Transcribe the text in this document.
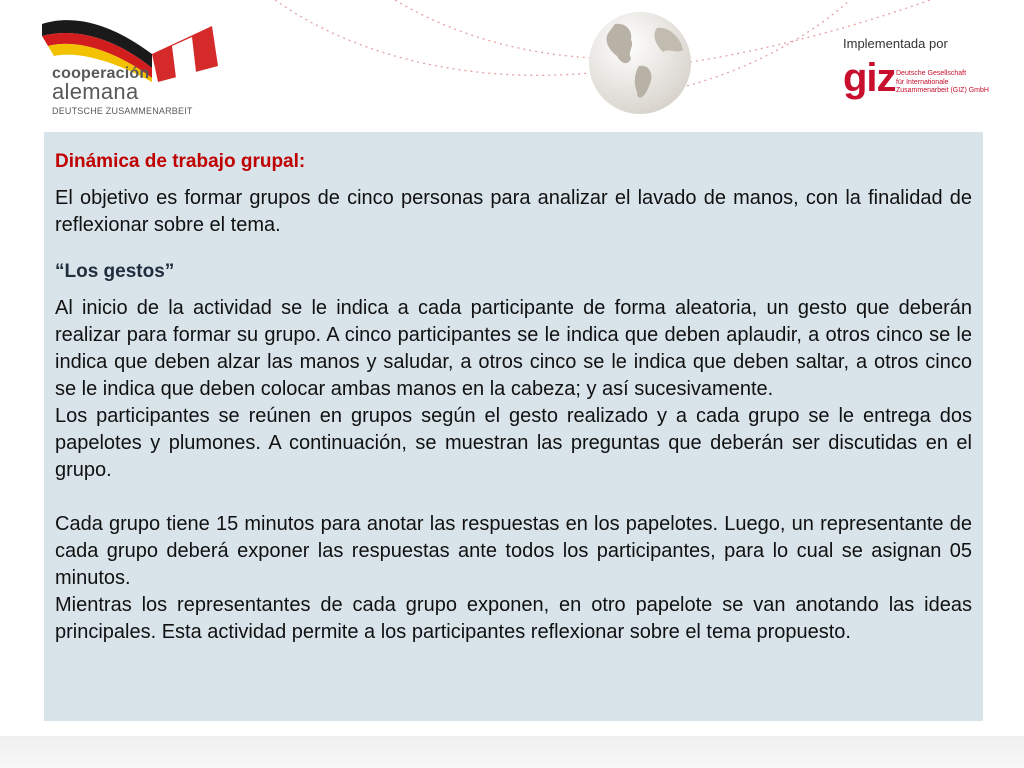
cooperación
alemana
DEUTSCHE ZUSAMMENARBEIT
Implementada por
giz Deutsche Gesellschaft
für Internationale
Zusammenarbeit (GIZ) GmbH

Dinámica de trabajo grupal:

El objetivo es formar grupos de cinco personas para analizar el lavado de manos, con la finalidad de reflexionar sobre el tema.

“Los gestos”

Al inicio de la actividad se le indica a cada participante de forma aleatoria, un gesto que deberán realizar para formar su grupo. A cinco participantes se le indica que deben aplaudir, a otros cinco se le indica que deben alzar las manos y saludar, a otros cinco se le indica que deben saltar, a otros cinco se le indica que deben colocar ambas manos en la cabeza; y así sucesivamente.

Los participantes se reúnen en grupos según el gesto realizado y a cada grupo se le entrega dos papelotes y plumones. A continuación, se muestran las preguntas que deberán ser discutidas en el grupo.

Cada grupo tiene 15 minutos para anotar las respuestas en los papelotes. Luego, un representante de cada grupo deberá exponer las respuestas ante todos los participantes, para lo cual se asignan 05 minutos.

Mientras los representantes de cada grupo exponen, en otro papelote se van anotando las ideas principales. Esta actividad permite a los participantes reflexionar sobre el tema propuesto.
